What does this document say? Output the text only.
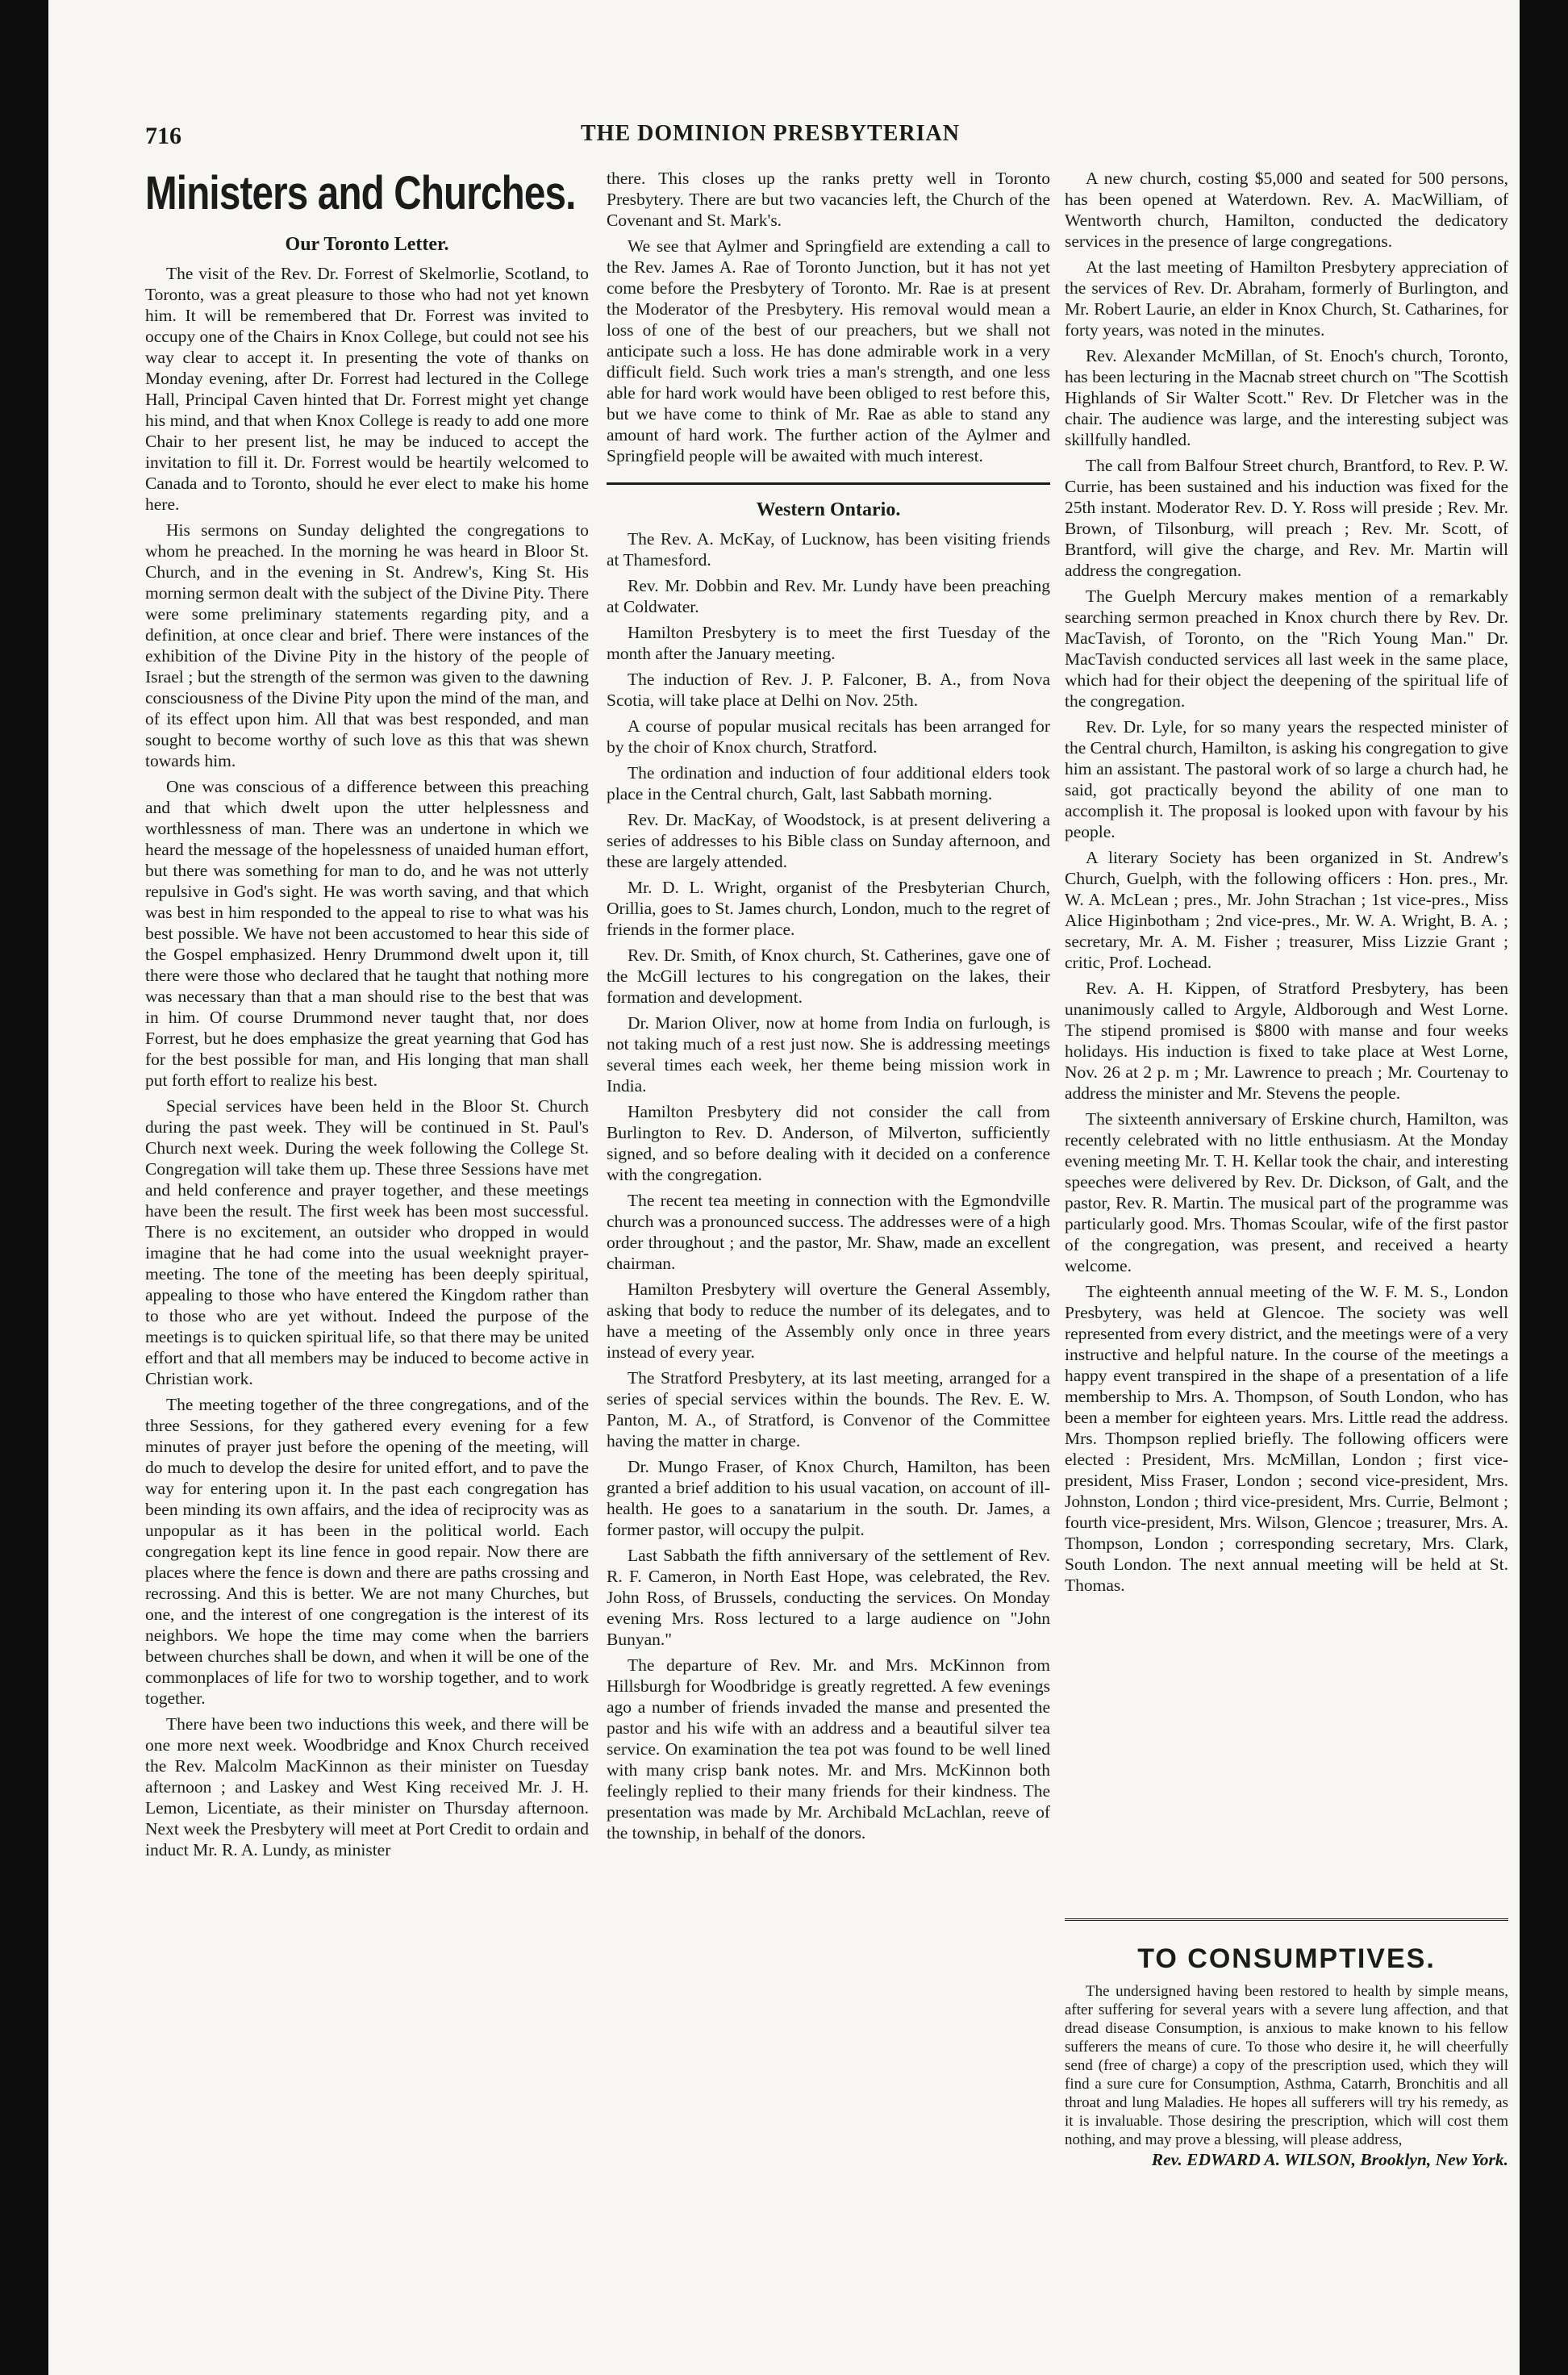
716	THE DOMINION PRESBYTERIAN
Ministers and Churches.
Our Toronto Letter.

The visit of the Rev. Dr. Forrest of Skelmorlie, Scotland, to Toronto, was a great pleasure to those who had not yet known him. It will be remembered that Dr. Forrest was invited to occupy one of the Chairs in Knox College, but could not see his way clear to accept it. In presenting the vote of thanks on Monday evening, after Dr. Forrest had lectured in the College Hall, Principal Caven hinted that Dr. Forrest might yet change his mind, and that when Knox College is ready to add one more Chair to her present list, he may be induced to accept the invitation to fill it. Dr. Forrest would be heartily welcomed to Canada and to Toronto, should he ever elect to make his home here.

His sermons on Sunday delighted the congregations to whom he preached. In the morning he was heard in Bloor St. Church, and in the evening in St. Andrew's, King St. His morning sermon dealt with the subject of the Divine Pity. There were some preliminary statements regarding pity, and a definition, at once clear and brief. There were instances of the exhibition of the Divine Pity in the history of the people of Israel ; but the strength of the sermon was given to the dawning consciousness of the Divine Pity upon the mind of the man, and of its effect upon him. All that was best responded, and man sought to become worthy of such love as this that was shewn towards him.

One was conscious of a difference between this preaching and that which dwelt upon the utter helplessness and worthlessness of man. There was an undertone in which we heard the message of the hopelessness of unaided human effort, but there was something for man to do, and he was not utterly repulsive in God's sight. He was worth saving, and that which was best in him responded to the appeal to rise to what was his best possible. We have not been accustomed to hear this side of the Gospel emphasized. Henry Drummond dwelt upon it, till there were those who declared that he taught that nothing more was necessary than that a man should rise to the best that was in him. Of course Drummond never taught that, nor does Forrest, but he does emphasize the great yearning that God has for the best possible for man, and His longing that man shall put forth effort to realize his best.

Special services have been held in the Bloor St. Church during the past week. They will be continued in St. Paul's Church next week. During the week following the College St. Congregation will take them up. These three Sessions have met and held conference and prayer together, and these meetings have been the result. The first week has been most successful. There is no excitement, an outsider who dropped in would imagine that he had come into the usual weeknight prayer-meeting. The tone of the meeting has been deeply spiritual, appealing to those who have entered the Kingdom rather than to those who are yet without. Indeed the purpose of the meetings is to quicken spiritual life, so that there may be united effort and that all members may be induced to become active in Christian work.

The meeting together of the three congregations, and of the three Sessions, for they gathered every evening for a few minutes of prayer just before the opening of the meeting, will do much to develop the desire for united effort, and to pave the way for entering upon it. In the past each congregation has been minding its own affairs, and the idea of reciprocity was as unpopular as it has been in the political world. Each congregation kept its line fence in good repair. Now there are places where the fence is down and there are paths crossing and recrossing. And this is better. We are not many Churches, but one, and the interest of one congregation is the interest of its neighbors. We hope the time may come when the barriers between churches shall be down, and when it will be one of the commonplaces of life for two to worship together, and to work together.

There have been two inductions this week, and there will be one more next week. Woodbridge and Knox Church received the Rev. Malcolm MacKinnon as their minister on Tuesday afternoon ; and Laskey and West King received Mr. J. H. Lemon, Licentiate, as their minister on Thursday afternoon. Next week the Presbytery will meet at Port Credit to ordain and induct Mr. R. A. Lundy, as minister

there. This closes up the ranks pretty well in Toronto Presbytery. There are but two vacancies left, the Church of the Covenant and St. Mark's.

We see that Aylmer and Springfield are extending a call to the Rev. James A. Rae of Toronto Junction, but it has not yet come before the Presbytery of Toronto. Mr. Rae is at present the Moderator of the Presbytery. His removal would mean a loss of one of the best of our preachers, but we shall not anticipate such a loss. He has done admirable work in a very difficult field. Such work tries a man's strength, and one less able for hard work would have been obliged to rest before this, but we have come to think of Mr. Rae as able to stand any amount of hard work. The further action of the Aylmer and Springfield people will be awaited with much interest.

Western Ontario.

The Rev. A. McKay, of Lucknow, has been visiting friends at Thamesford.

Rev. Mr. Dobbin and Rev. Mr. Lundy have been preaching at Coldwater.

Hamilton Presbytery is to meet the first Tuesday of the month after the January meeting.

The induction of Rev. J. P. Falconer, B. A., from Nova Scotia, will take place at Delhi on Nov. 25th.

A course of popular musical recitals has been arranged for by the choir of Knox church, Stratford.

The ordination and induction of four additional elders took place in the Central church, Galt, last Sabbath morning.

Rev. Dr. MacKay, of Woodstock, is at present delivering a series of addresses to his Bible class on Sunday afternoon, and these are largely attended.

Mr. D. L. Wright, organist of the Presbyterian Church, Orillia, goes to St. James church, London, much to the regret of friends in the former place.

Rev. Dr. Smith, of Knox church, St. Catherines, gave one of the McGill lectures to his congregation on the lakes, their formation and development.

Dr. Marion Oliver, now at home from India on furlough, is not taking much of a rest just now. She is addressing meetings several times each week, her theme being mission work in India.

Hamilton Presbytery did not consider the call from Burlington to Rev. D. Anderson, of Milverton, sufficiently signed, and so before dealing with it decided on a conference with the congregation.

The recent tea meeting in connection with the Egmondville church was a pronounced success. The addresses were of a high order throughout ; and the pastor, Mr. Shaw, made an excellent chairman.

Hamilton Presbytery will overture the General Assembly, asking that body to reduce the number of its delegates, and to have a meeting of the Assembly only once in three years instead of every year.

The Stratford Presbytery, at its last meeting, arranged for a series of special services within the bounds. The Rev. E. W. Panton, M. A., of Stratford, is Convenor of the Committee having the matter in charge.

Dr. Mungo Fraser, of Knox Church, Hamilton, has been granted a brief addition to his usual vacation, on account of ill-health. He goes to a sanatarium in the south. Dr. James, a former pastor, will occupy the pulpit.

Last Sabbath the fifth anniversary of the settlement of Rev. R. F. Cameron, in North East Hope, was celebrated, the Rev. John Ross, of Brussels, conducting the services. On Monday evening Mrs. Ross lectured to a large audience on "John Bunyan."

The departure of Rev. Mr. and Mrs. McKinnon from Hillsburgh for Woodbridge is greatly regretted. A few evenings ago a number of friends invaded the manse and presented the pastor and his wife with an address and a beautiful silver tea service. On examination the tea pot was found to be well lined with many crisp bank notes. Mr. and Mrs. McKinnon both feelingly replied to their many friends for their kindness. The presentation was made by Mr. Archibald McLachlan, reeve of the township, in behalf of the donors.

A new church, costing $5,000 and seated for 500 persons, has been opened at Waterdown. Rev. A. MacWilliam, of Wentworth church, Hamilton, conducted the dedicatory services in the presence of large congregations.

At the last meeting of Hamilton Presbytery appreciation of the services of Rev. Dr. Abraham, formerly of Burlington, and Mr. Robert Laurie, an elder in Knox Church, St. Catharines, for forty years, was noted in the minutes.

Rev. Alexander McMillan, of St. Enoch's church, Toronto, has been lecturing in the Macnab street church on "The Scottish Highlands of Sir Walter Scott." Rev. Dr Fletcher was in the chair. The audience was large, and the interesting subject was skillfully handled.

The call from Balfour Street church, Brantford, to Rev. P. W. Currie, has been sustained and his induction was fixed for the 25th instant. Moderator Rev. D. Y. Ross will preside ; Rev. Mr. Brown, of Tilsonburg, will preach ; Rev. Mr. Scott, of Brantford, will give the charge, and Rev. Mr. Martin will address the congregation.

The Guelph Mercury makes mention of a remarkably searching sermon preached in Knox church there by Rev. Dr. MacTavish, of Toronto, on the "Rich Young Man." Dr. MacTavish conducted services all last week in the same place, which had for their object the deepening of the spiritual life of the congregation.

Rev. Dr. Lyle, for so many years the respected minister of the Central church, Hamilton, is asking his congregation to give him an assistant. The pastoral work of so large a church had, he said, got practically beyond the ability of one man to accomplish it. The proposal is looked upon with favour by his people.

A literary Society has been organized in St. Andrew's Church, Guelph, with the following officers : Hon. pres., Mr. W. A. McLean ; pres., Mr. John Strachan ; 1st vice-pres., Miss Alice Higinbotham ; 2nd vice-pres., Mr. W. A. Wright, B. A. ; secretary, Mr. A. M. Fisher ; treasurer, Miss Lizzie Grant ; critic, Prof. Lochead.

Rev. A. H. Kippen, of Stratford Presbytery, has been unanimously called to Argyle, Aldborough and West Lorne. The stipend promised is $800 with manse and four weeks holidays. His induction is fixed to take place at West Lorne, Nov. 26 at 2 p. m ; Mr. Lawrence to preach ; Mr. Courtenay to address the minister and Mr. Stevens the people.

The sixteenth anniversary of Erskine church, Hamilton, was recently celebrated with no little enthusiasm. At the Monday evening meeting Mr. T. H. Kellar took the chair, and interesting speeches were delivered by Rev. Dr. Dickson, of Galt, and the pastor, Rev. R. Martin. The musical part of the programme was particularly good. Mrs. Thomas Scoular, wife of the first pastor of the congregation, was present, and received a hearty welcome.

The eighteenth annual meeting of the W. F. M. S., London Presbytery, was held at Glencoe. The society was well represented from every district, and the meetings were of a very instructive and helpful nature. In the course of the meetings a happy event transpired in the shape of a presentation of a life membership to Mrs. A. Thompson, of South London, who has been a member for eighteen years. Mrs. Little read the address. Mrs. Thompson replied briefly. The following officers were elected : President, Mrs. McMillan, London ; first vice-president, Miss Fraser, London ; second vice-president, Mrs. Johnston, London ; third vice-president, Mrs. Currie, Belmont ; fourth vice-president, Mrs. Wilson, Glencoe ; treasurer, Mrs. A. Thompson, London ; corresponding secretary, Mrs. Clark, South London. The next annual meeting will be held at St. Thomas.

TO CONSUMPTIVES.

The undersigned having been restored to health by simple means, after suffering for several years with a severe lung affection, and that dread disease Consumption, is anxious to make known to his fellow sufferers the means of cure. To those who desire it, he will cheerfully send (free of charge) a copy of the prescription used, which they will find a sure cure for Consumption, Asthma, Catarrh, Bronchitis and all throat and lung Maladies. He hopes all sufferers will try his remedy, as it is invaluable. Those desiring the prescription, which will cost them nothing, and may prove a blessing, will please address,

Rev. EDWARD A. WILSON, Brooklyn, New York.
